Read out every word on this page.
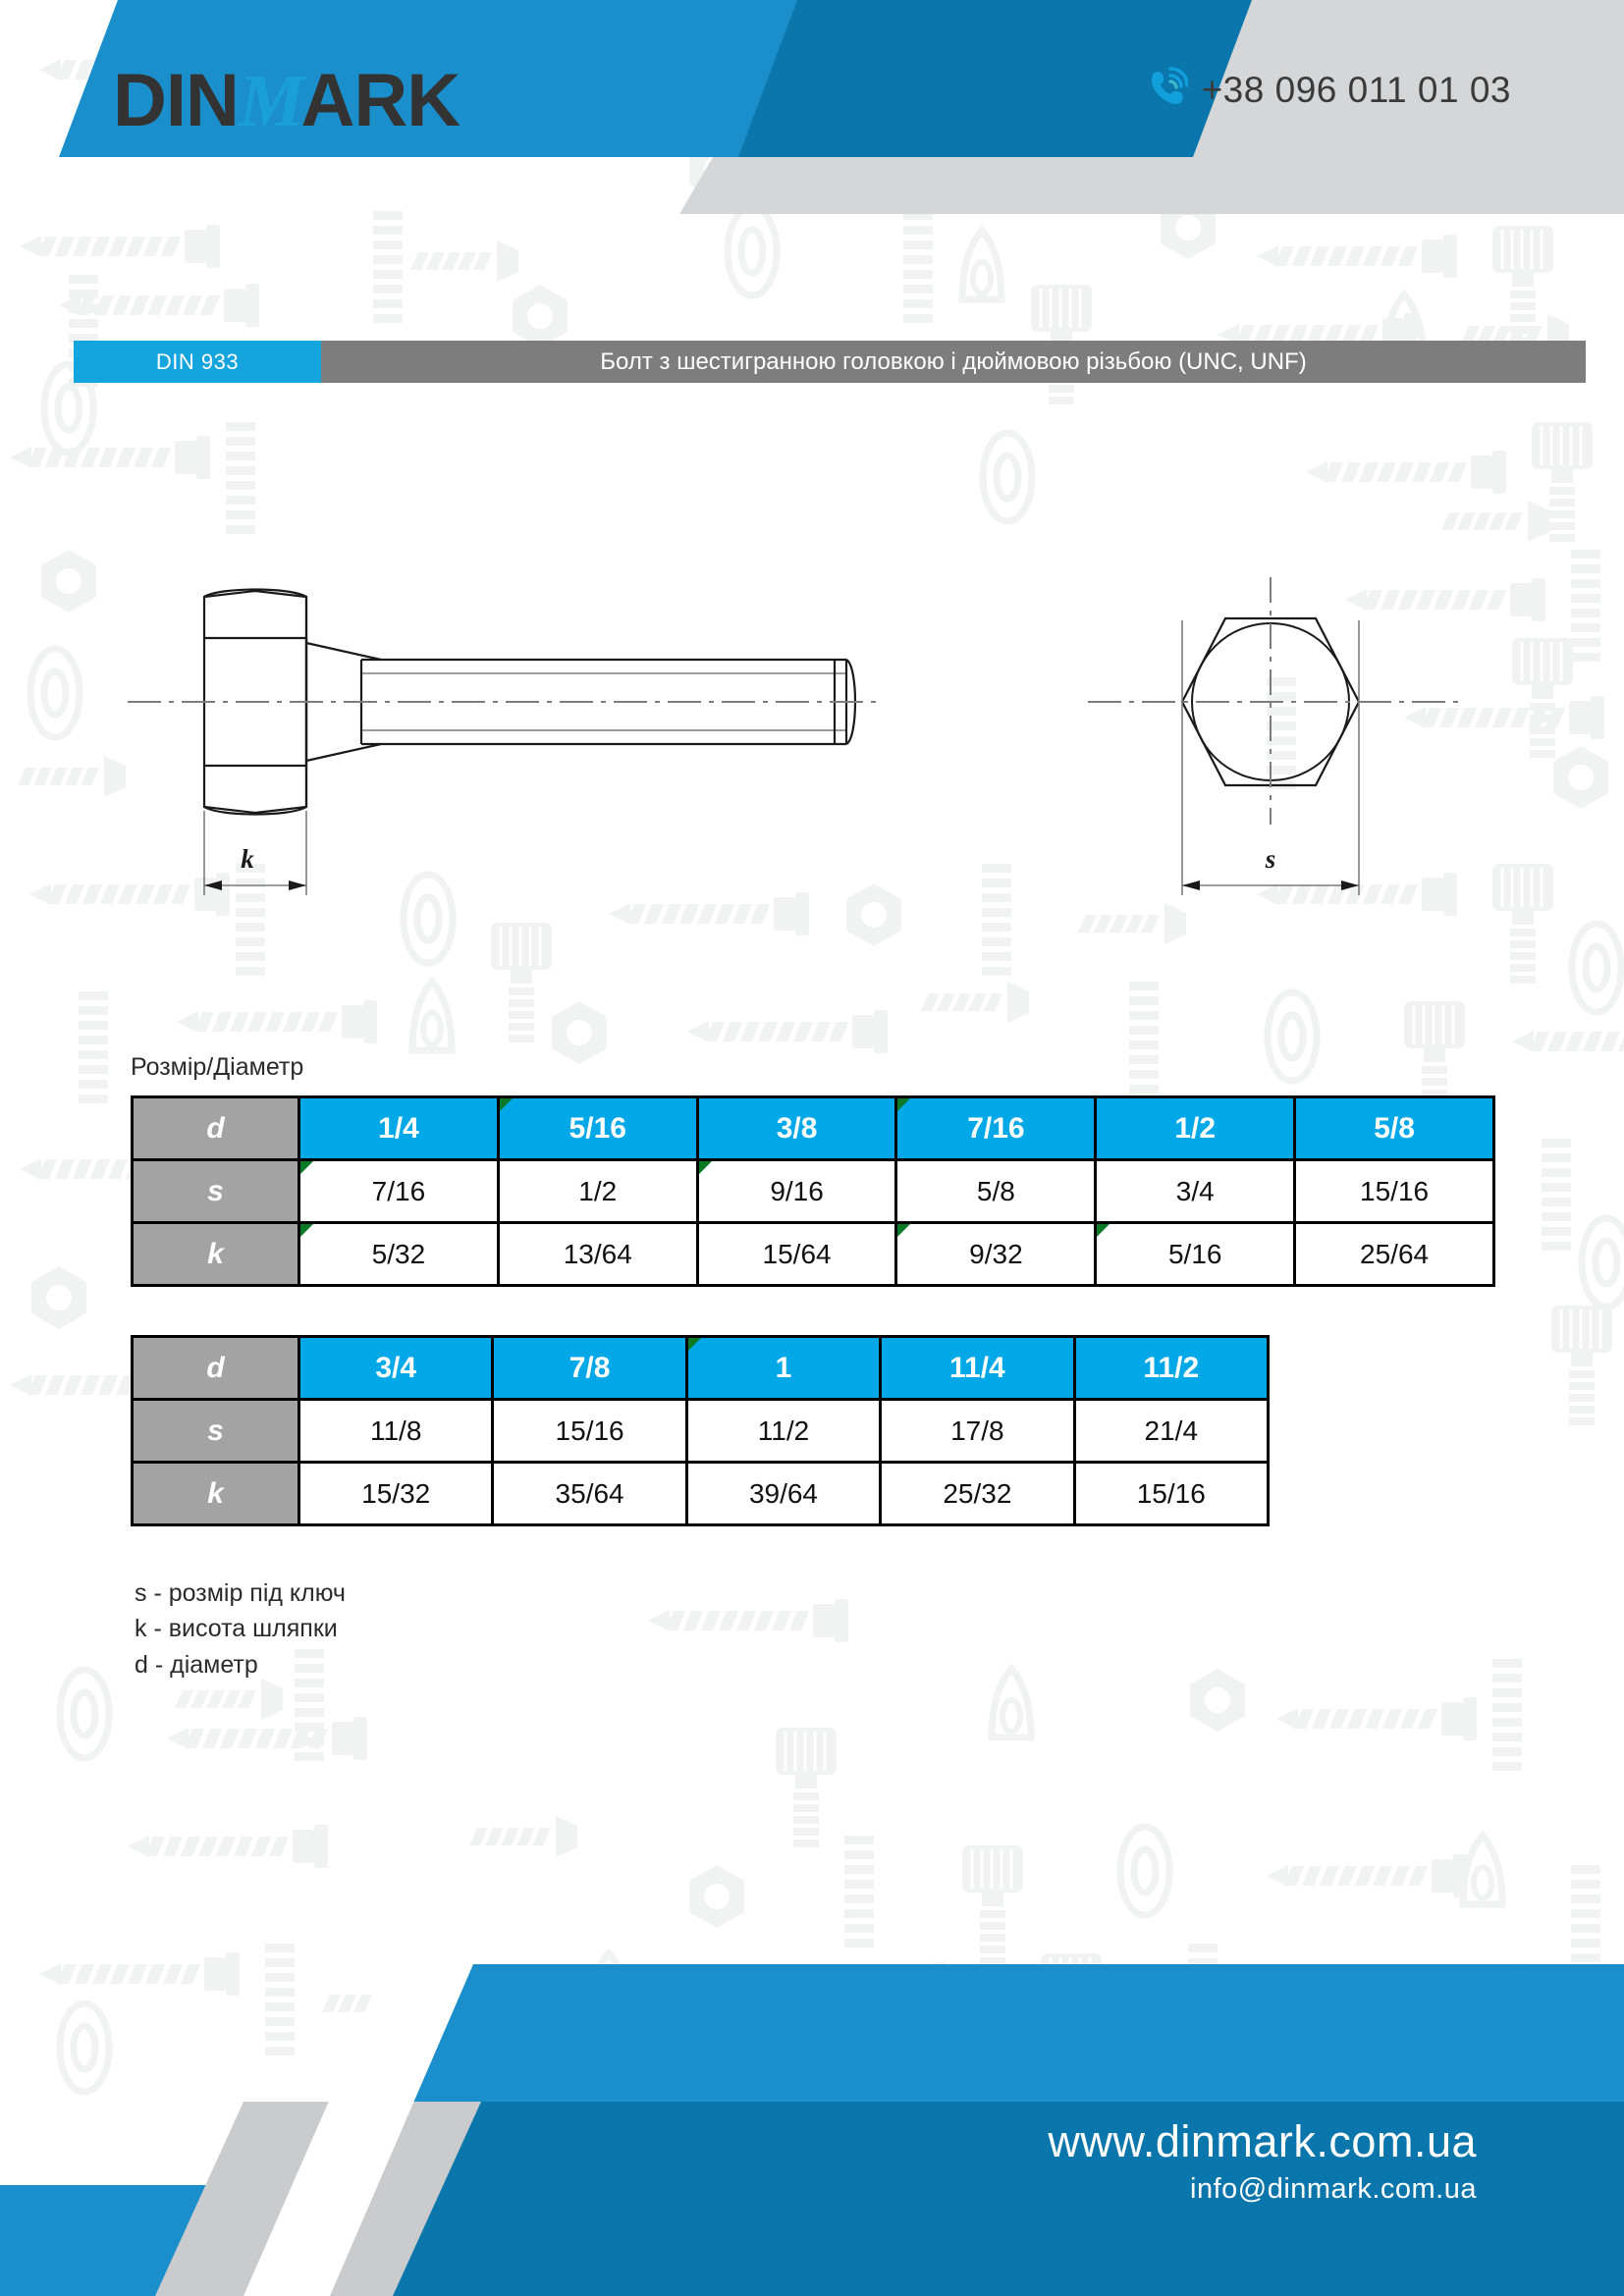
DINMARK	+38 096 011 01 03
DIN 933	Болт з шестигранною головкою і дюймовою різьбою (UNC, UNF)
k	s
Розмір/Діаметр
d	1/4	5/16	3/8	7/16	1/2	5/8
s	7/16	1/2	9/16	5/8	3/4	15/16
k	5/32	13/64	15/64	9/32	5/16	25/64
d	3/4	7/8	1	11/4	11/2
s	11/8	15/16	11/2	17/8	21/4
k	15/32	35/64	39/64	25/32	15/16
s - розмір під ключ
k - висота шляпки
d - діаметр
www.dinmark.com.ua
info@dinmark.com.ua
